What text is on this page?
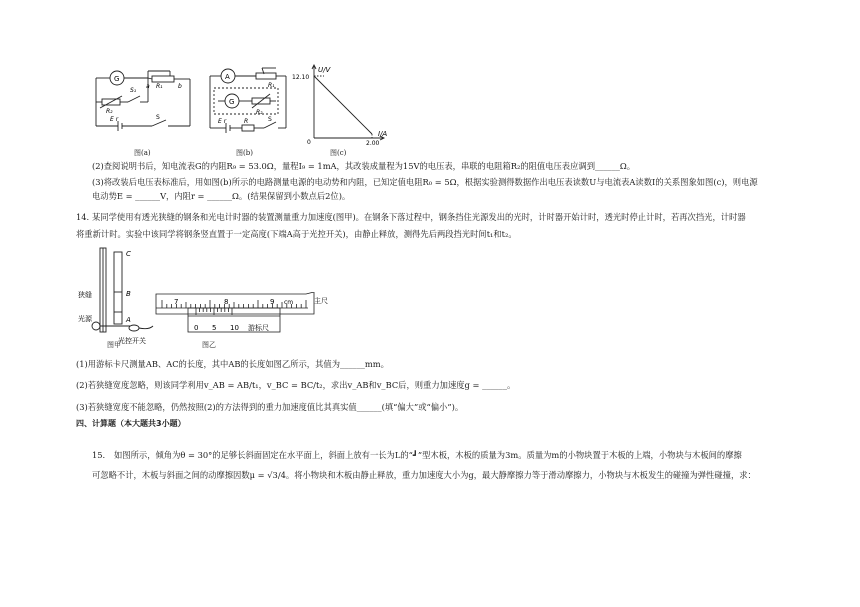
G
R₁
S₁
R₂
a	b
E r	S
图(a)
A
G
R₁
R₂
E r	R	S
图(b)
U/V
I/A
12.10
2.00
0
图(c)
(2)查阅说明书后，知电流表G的内阻R₉ = 53.0Ω，量程I₉ = 1mA，其改装成量程为15V的电压表，串联的电阻箱R₂的阻值电压表应调到______Ω。
(3)将改装后电压表标准后，用如图(b)所示的电路测量电源的电动势和内阻，已知定值电阻R₀ = 5Ω，根据实验测得数据作出电压表读数U与电流表A读数I的关系图象如图(c)，则电源
电动势E = ______V，内阻r = ______Ω。(结果保留到小数点后2位)。
14. 某同学使用有透光狭缝的钢条和光电计时器的装置测量重力加速度(图甲)。在钢条下落过程中，钢条挡住光源发出的光时，计时器开始计时，透光时停止计时，若再次挡光，计时器
将重新计时。实验中该同学将钢条竖直置于一定高度(下端A高于光控开关)，由静止释放，测得先后两段挡光时间t₁和t₂。
C
B
A
狭缝
光源
光控开关
图甲
7	8	9 cm	主尺
0 5 10 游标尺
图乙
(1)用游标卡尺测量AB、AC的长度，其中AB的长度如图乙所示，其值为______mm。
(2)若狭缝宽度忽略，则该同学利用v_AB = AB/t₁，v_BC = BC/t₂，求出v_AB和v_BC后，则重力加速度g = ______。
(3)若狭缝宽度不能忽略，仍然按照(2)的方法得到的重力加速度值比其真实值______(填“偏大”或“偏小”)。
四、计算题（本大题共3小题）
15. 如图所示，倾角为θ = 30°的足够长斜面固定在水平面上，斜面上放有一长为L的“┛”型木板，木板的质量为3m。质量为m的小物块置于木板的上端，小物块与木板间的摩擦
可忽略不计，木板与斜面之间的动摩擦因数μ = √3/4。将小物块和木板由静止释放，重力加速度大小为g，最大静摩擦力等于滑动摩擦力，小物块与木板发生的碰撞为弹性碰撞，求：
